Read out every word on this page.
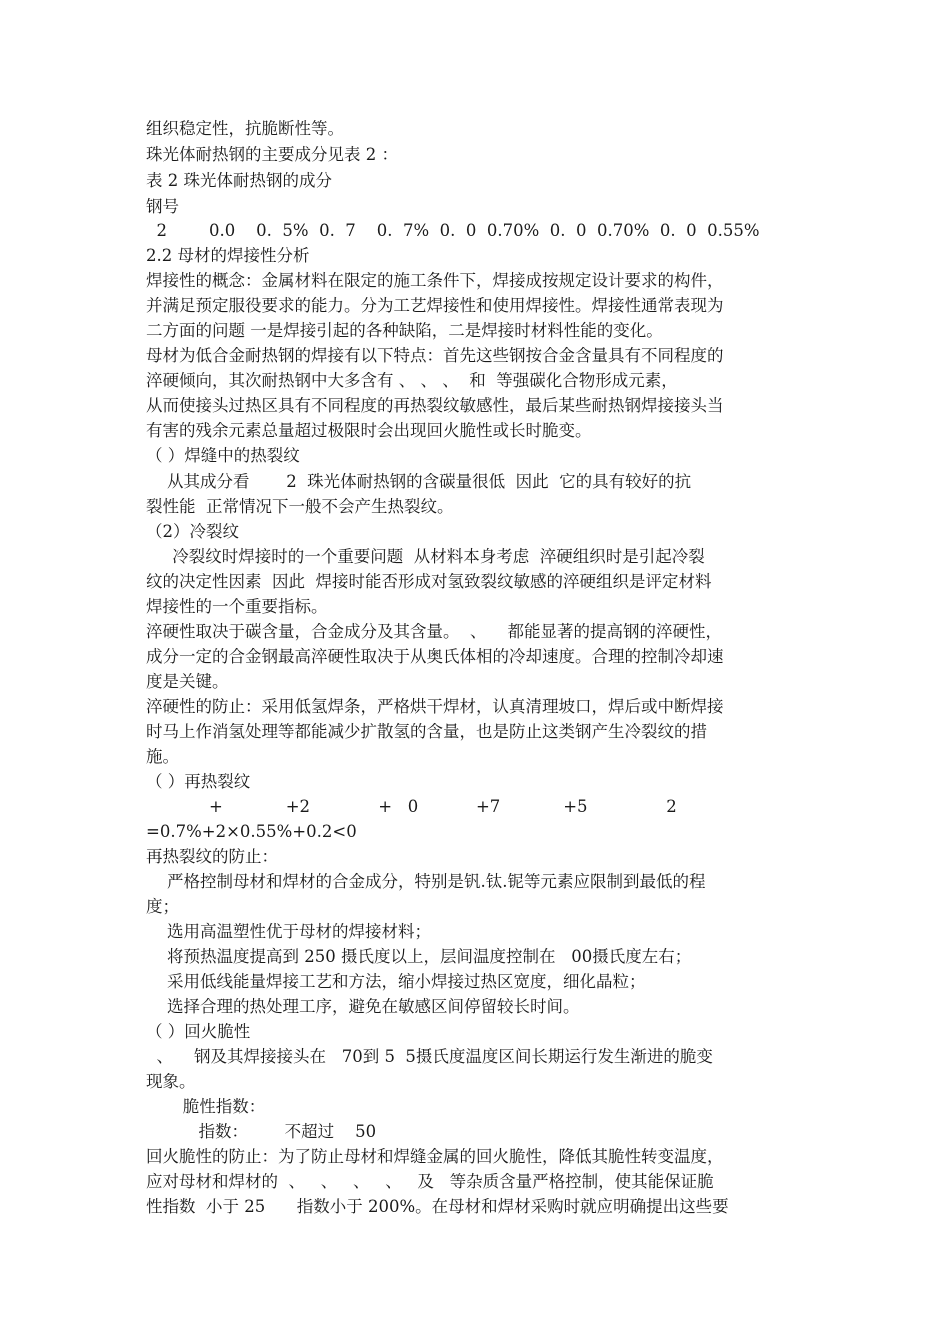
组织稳定性，抗脆断性等。

珠光体耐热钢的主要成分见表 2 ：

表 2 珠光体耐热钢的成分

钢号

2        0.0    0.  5%  0.  7    0.  7%  0.  0  0.70%  0.  0  0.70%  0.  0  0.55%

2.2 母材的焊接性分析

焊接性的概念：金属材料在限定的施工条件下，焊接成按规定设计要求的构件，

并满足预定服役要求的能力。分为工艺焊接性和使用焊接性。焊接性通常表现为

二方面的问题 一是焊接引起的各种缺陷，二是焊接时材料性能的变化。

母材为低合金耐热钢的焊接有以下特点：首先这些钢按合金含量具有不同程度的

淬硬倾向，其次耐热钢中大多含有 、 、 、  和  等强碳化合物形成元素，

从而使接头过热区具有不同程度的再热裂纹敏感性，最后某些耐热钢焊接接头当

有害的残余元素总量超过极限时会出现回火脆性或长时脆变。

（ ）焊缝中的热裂纹

从其成分看       2  珠光体耐热钢的含碳量很低  因此  它的具有较好的抗

裂性能  正常情况下一般不会产生热裂纹。

（2）冷裂纹

冷裂纹时焊接时的一个重要问题  从材料本身考虑  淬硬组织时是引起冷裂

纹的决定性因素  因此  焊接时能否形成对氢致裂纹敏感的淬硬组织是评定材料

焊接性的一个重要指标。

淬硬性取决于碳含量，合金成分及其含量。  、    都能显著的提高钢的淬硬性，

成分一定的合金钢最高淬硬性取决于从奥氏体相的冷却速度。合理的控制冷却速

度是关键。

淬硬性的防止：采用低氢焊条，严格烘干焊材，认真清理坡口，焊后或中断焊接

时马上作消氢处理等都能减少扩散氢的含量，也是防止这类钢产生冷裂纹的措

施。

（ ）再热裂纹

+            +2             +   0           +7            +5               2

=0.7%+2×0.55%+0.2<0

再热裂纹的防止：

严格控制母材和焊材的合金成分，特别是钒.钛.铌等元素应限制到最低的程

度；

选用高温塑性优于母材的焊接材料；

将预热温度提高到 250 摄氏度以上，层间温度控制在   00摄氏度左右；

采用低线能量焊接工艺和方法，缩小焊接过热区宽度，细化晶粒；

选择合理的热处理工序，避免在敏感区间停留较长时间。

（ ）回火脆性

、    钢及其焊接接头在   70到 5  5摄氏度温度区间长期运行发生渐进的脆变

现象。

脆性指数：

指数：       不超过    50

回火脆性的防止：为了防止母材和焊缝金属的回火脆性，降低其脆性转变温度，

应对母材和焊材的  、   、   、   、   及   等杂质含量严格控制，使其能保证脆

性指数  小于 25      指数小于 200%。在母材和焊材采购时就应明确提出这些要
